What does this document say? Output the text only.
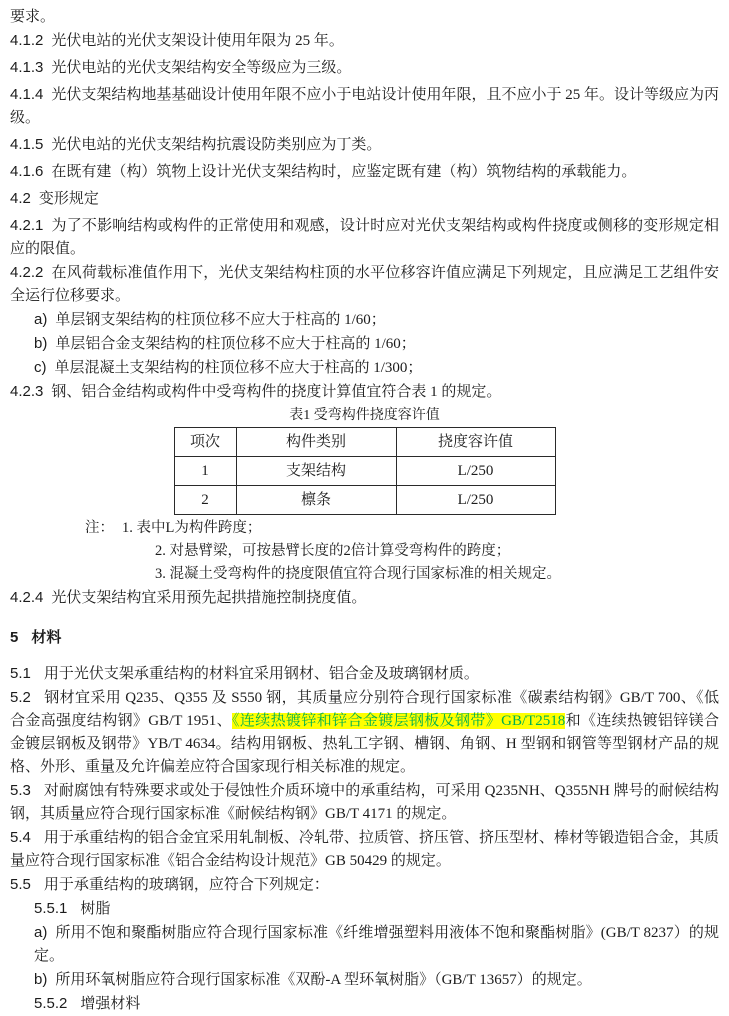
要求。

4.1.2 光伏电站的光伏支架设计使用年限为 25 年。

4.1.3 光伏电站的光伏支架结构安全等级应为三级。

4.1.4 光伏支架结构地基基础设计使用年限不应小于电站设计使用年限，且不应小于 25 年。设计等级应为丙级。

4.1.5 光伏电站的光伏支架结构抗震设防类别应为丁类。

4.1.6 在既有建（构）筑物上设计光伏支架结构时，应鉴定既有建（构）筑物结构的承载能力。

4.2 变形规定

4.2.1 为了不影响结构或构件的正常使用和观感，设计时应对光伏支架结构或构件挠度或侧移的变形规定相应的限值。

4.2.2 在风荷载标准值作用下，光伏支架结构柱顶的水平位移容许值应满足下列规定，且应满足工艺组件安全运行位移要求。

a) 单层钢支架结构的柱顶位移不应大于柱高的 1/60；

b) 单层铝合金支架结构的柱顶位移不应大于柱高的 1/60；

c) 单层混凝土支架结构的柱顶位移不应大于柱高的 1/300；

4.2.3 钢、铝合金结构或构件中受弯构件的挠度计算值宜符合表 1 的规定。

表1 受弯构件挠度容许值

项次	构件类别	挠度容许值
1	支架结构	L/250
2	檩条	L/250

注： 1. 表中L为构件跨度；

2. 对悬臂梁，可按悬臂长度的2倍计算受弯构件的跨度；

3. 混凝土受弯构件的挠度限值宜符合现行国家标准的相关规定。

4.2.4 光伏支架结构宜采用预先起拱措施控制挠度值。

5 材料

5.1 用于光伏支架承重结构的材料宜采用钢材、铝合金及玻璃钢材质。

5.2 钢材宜采用 Q235、Q355 及 S550 钢，其质量应分别符合现行国家标准《碳素结构钢》GB/T 700、《低合金高强度结构钢》GB/T 1951、《连续热镀锌和锌合金镀层钢板及钢带》GB/T2518和《连续热镀铝锌镁合金镀层钢板及钢带》YB/T 4634。结构用钢板、热轧工字钢、槽钢、角钢、H 型钢和钢管等型钢材产品的规格、外形、重量及允许偏差应符合国家现行相关标准的规定。

5.3 对耐腐蚀有特殊要求或处于侵蚀性介质环境中的承重结构，可采用 Q235NH、Q355NH 牌号的耐候结构钢，其质量应符合现行国家标准《耐候结构钢》GB/T 4171 的规定。

5.4 用于承重结构的铝合金宜采用轧制板、冷轧带、拉质管、挤压管、挤压型材、棒材等锻造铝合金，其质量应符合现行国家标准《铝合金结构设计规范》GB 50429 的规定。

5.5 用于承重结构的玻璃钢，应符合下列规定：

5.5.1 树脂

a) 所用不饱和聚酯树脂应符合现行国家标准《纤维增强塑料用液体不饱和聚酯树脂》(GB/T 8237）的规定。

b) 所用环氧树脂应符合现行国家标准《双酚-A 型环氧树脂》（GB/T 13657）的规定。

5.5.2 增强材料
